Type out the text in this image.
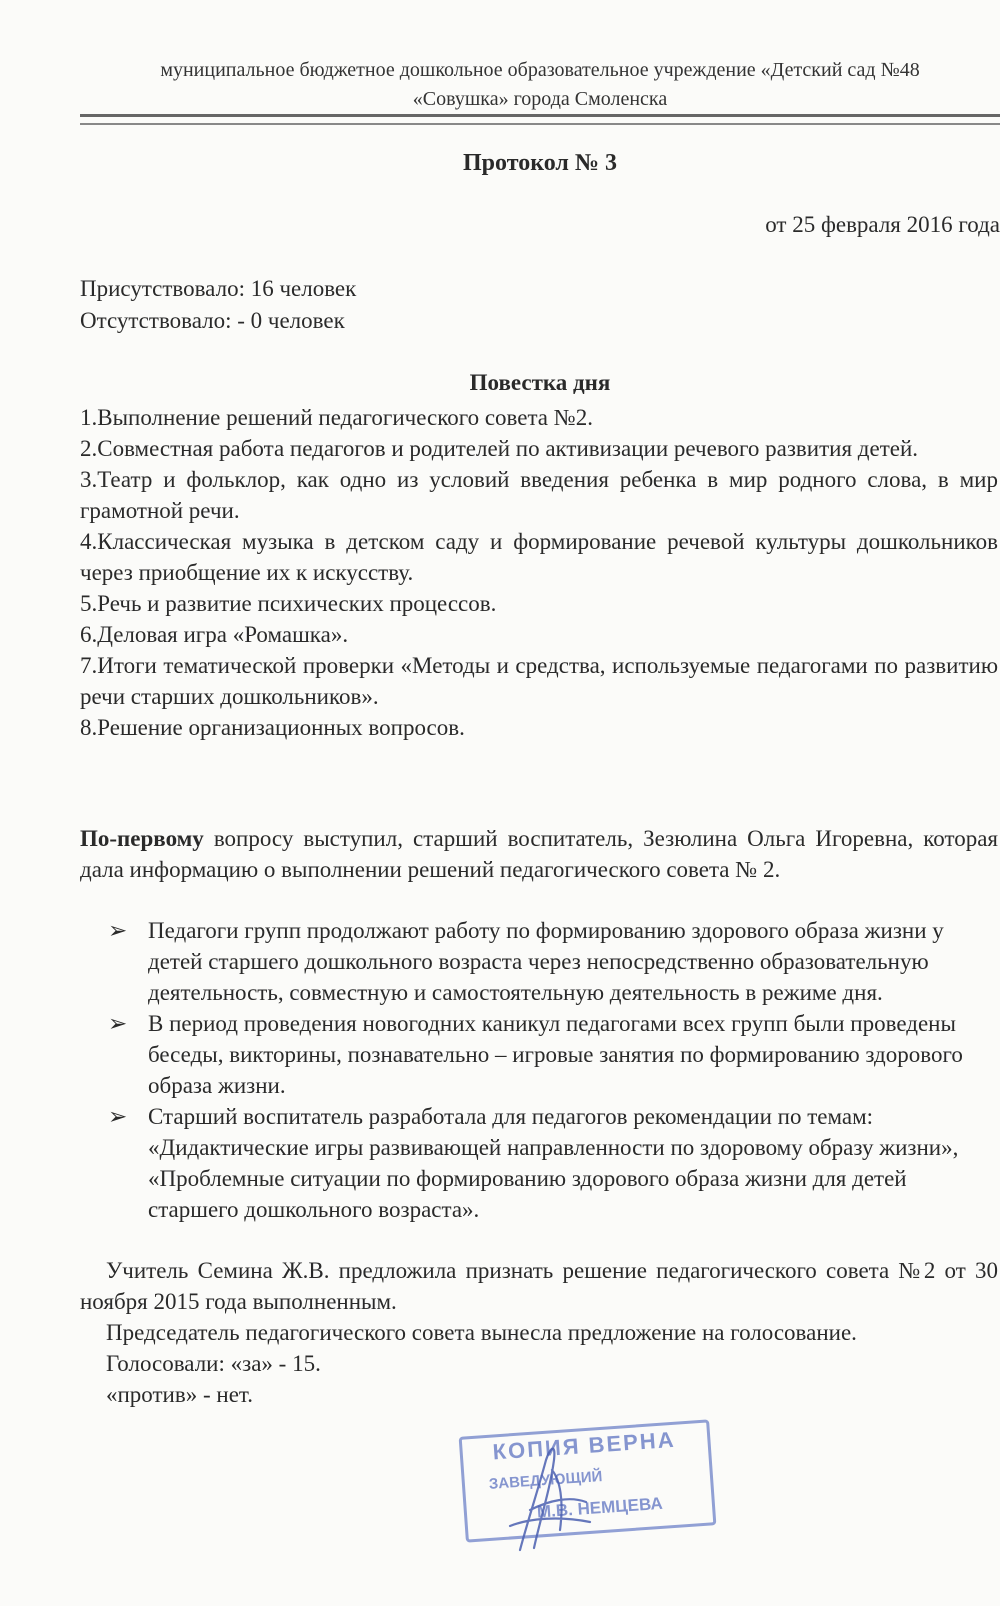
муниципальное бюджетное дошкольное образовательное учреждение «Детский сад №48
«Совушка» города Смоленска
Протокол № 3
от 25 февраля 2016 года
Присутствовало: 16 человек
Отсутствовало: - 0 человек
Повестка дня
1.Выполнение решений педагогического совета №2.
2.Совместная работа педагогов и родителей по активизации речевого развития детей.
3.Театр и фольклор, как одно из условий введения ребенка в мир родного слова, в мир грамотной речи.
4.Классическая музыка в детском саду и формирование речевой культуры дошкольников через приобщение их к искусству.
5.Речь и развитие психических процессов.
6.Деловая игра «Ромашка».
7.Итоги тематической проверки «Методы и средства, используемые педагогами по развитию речи старших дошкольников».
8.Решение организационных вопросов.
По-первому вопросу выступил, старший воспитатель, Зезюлина Ольга Игоревна, которая дала информацию о выполнении решений педагогического совета № 2.
➢ Педагоги групп продолжают работу по формированию здорового образа жизни у детей старшего дошкольного возраста через непосредственно образовательную деятельность, совместную и самостоятельную деятельность в режиме дня.
➢ В период проведения новогодних каникул педагогами всех групп были проведены беседы, викторины, познавательно – игровые занятия по формированию здорового образа жизни.
➢ Старший воспитатель разработала для педагогов рекомендации по темам: «Дидактические игры развивающей направленности по здоровому образу жизни», «Проблемные ситуации по формированию здорового образа жизни для детей старшего дошкольного возраста».
Учитель Семина Ж.В. предложила признать решение педагогического совета №2 от 30 ноября 2015 года выполненным.
Председатель педагогического совета вынесла предложение на голосование.
Голосовали: «за» - 15.
«против» - нет.
КОПИЯ ВЕРНА
ЗАВЕДУЮЩИЙ
М.В. НЕМЦЕВА
